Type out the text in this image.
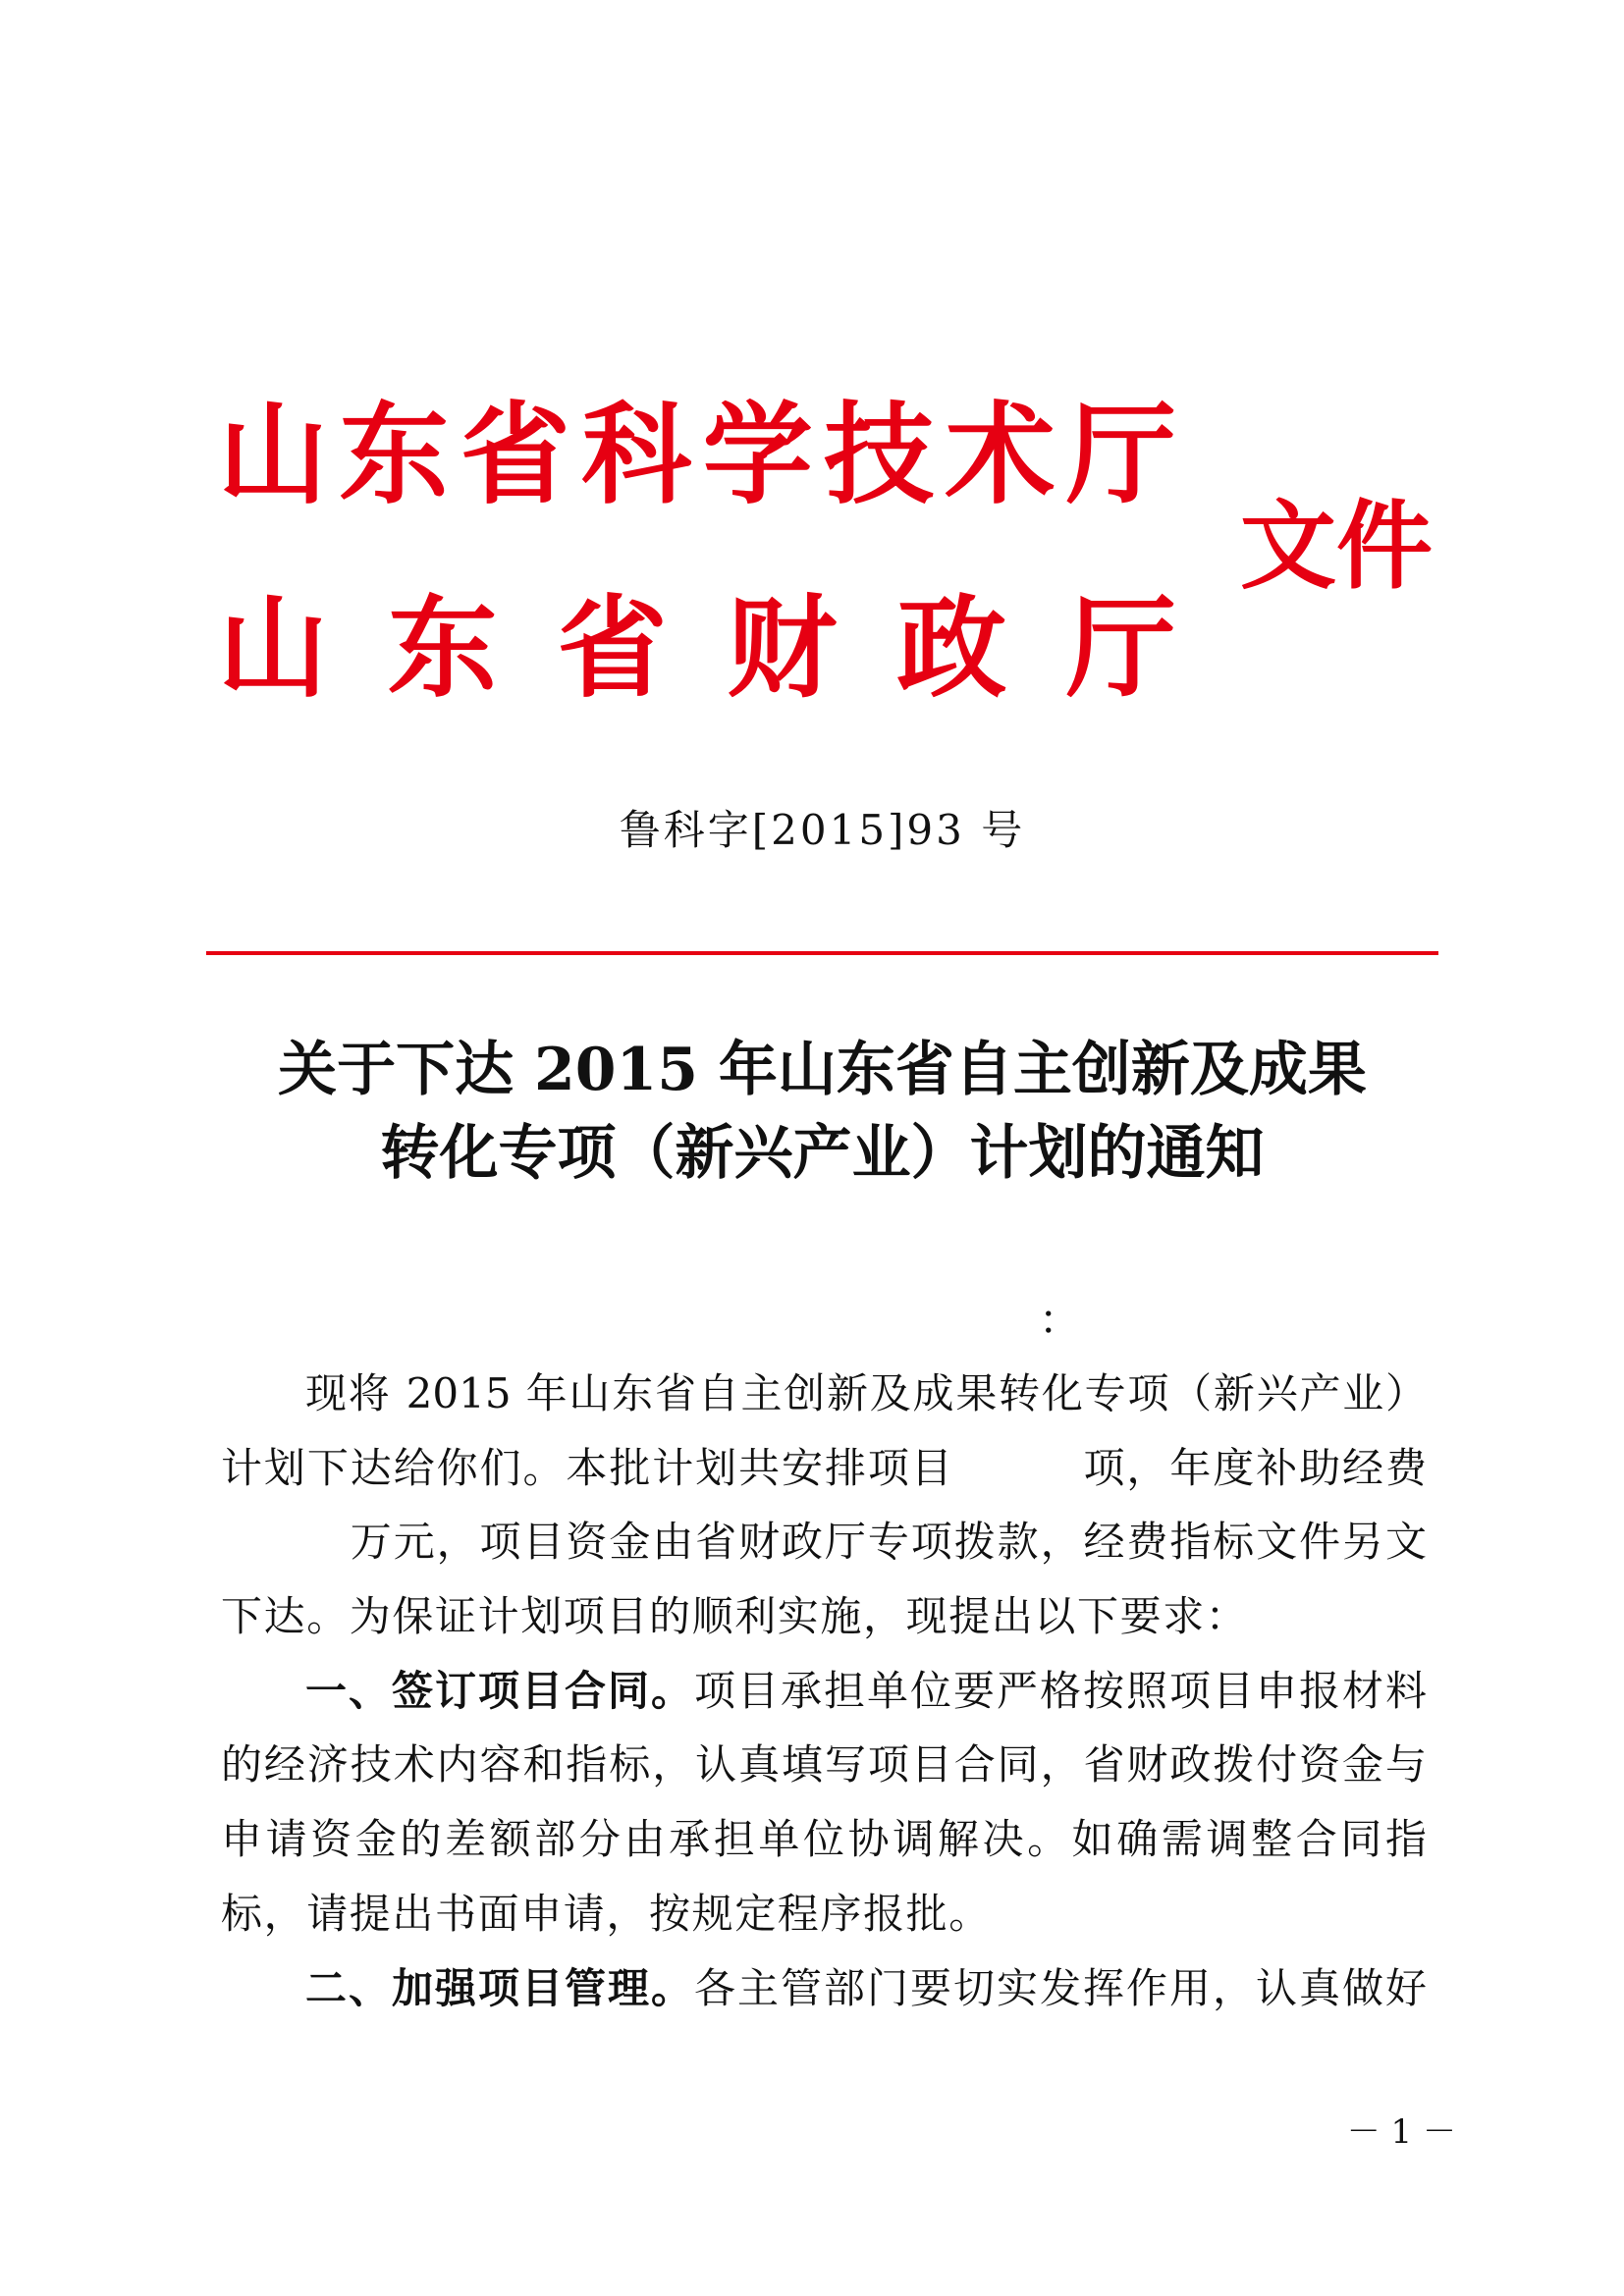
山 东 省 科 学 技 术 厅
山 东 省 财 政 厅
文件
鲁科字[2015]93 号
关于下达 2015 年山东省自主创新及成果
转化专项（新兴产业）计划的通知
：
现将 2015 年山东省自主创新及成果转化专项（新兴产业）
计划下达给你们。本批计划共安排项目　　　项，年度补助经费
　　　万元，项目资金由省财政厅专项拨款，经费指标文件另文
下达。为保证计划项目的顺利实施，现提出以下要求：
一、签订项目合同。项目承担单位要严格按照项目申报材料
的经济技术内容和指标，认真填写项目合同，省财政拨付资金与
申请资金的差额部分由承担单位协调解决。如确需调整合同指
标，请提出书面申请，按规定程序报批。
二、加强项目管理。各主管部门要切实发挥作用，认真做好
－ 1 －
